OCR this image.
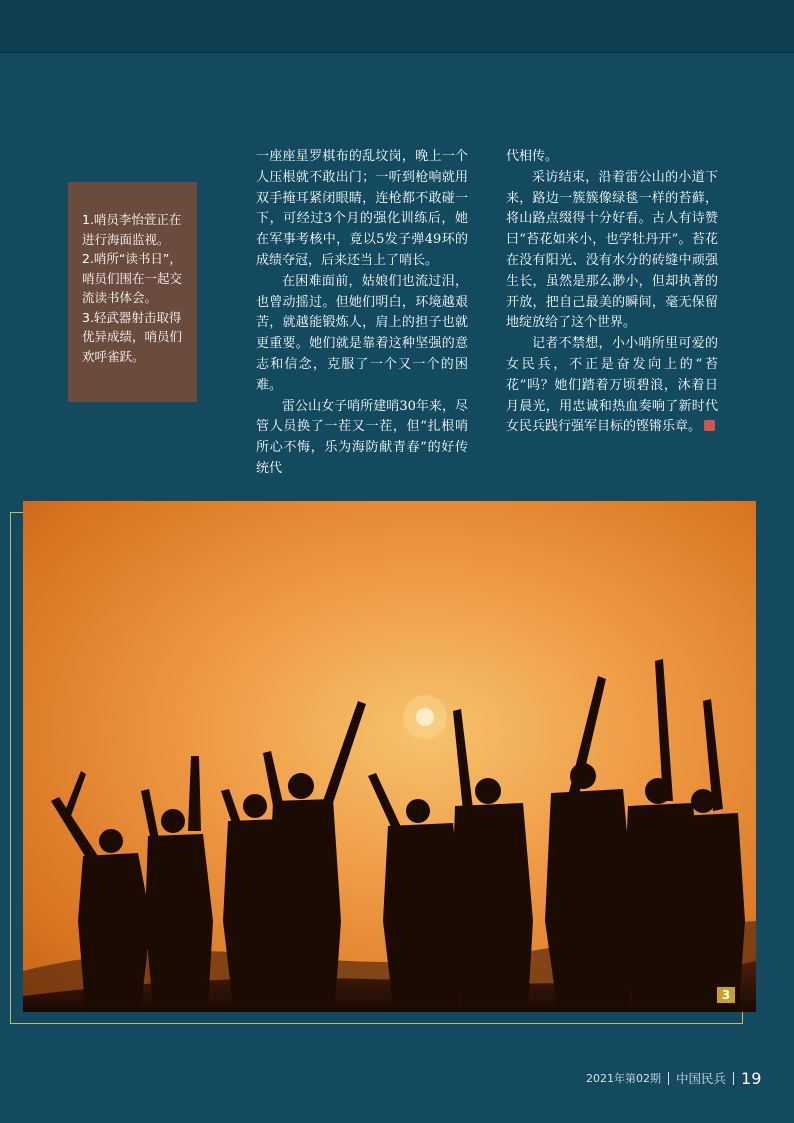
1.哨员李怡萱正在进行海面监视。

2.哨所“读书日”，哨员们围在一起交流读书体会。

3.轻武器射击取得优异成绩，哨员们欢呼雀跃。

一座座星罗棋布的乱坟岗，晚上一个人压根就不敢出门；一听到枪响就用双手掩耳紧闭眼睛，连枪都不敢碰一下，可经过3个月的强化训练后，她在军事考核中，竟以5发子弹49环的成绩夺冠，后来还当上了哨长。

在困难面前，姑娘们也流过泪，也曾动摇过。但她们明白，环境越艰苦，就越能锻炼人，肩上的担子也就更重要。她们就是靠着这种坚强的意志和信念，克服了一个又一个的困难。

雷公山女子哨所建哨30年来，尽管人员换了一茬又一茬，但“扎根哨所心不悔，乐为海防献青春”的好传统代

代相传。

采访结束，沿着雷公山的小道下来，路边一簇簇像绿毯一样的苔藓，将山路点缀得十分好看。古人有诗赞曰“苔花如米小，也学牡丹开”。苔花在没有阳光、没有水分的砖缝中顽强生长，虽然是那么渺小，但却执著的开放，把自己最美的瞬间，毫无保留地绽放给了这个世界。

记者不禁想，小小哨所里可爱的女民兵，不正是奋发向上的“苔花”吗？她们踏着万顷碧浪，沐着日月晨光，用忠诚和热血奏响了新时代女民兵践行强军目标的铿锵乐章。

3
2021年第02期 中国民兵 19
